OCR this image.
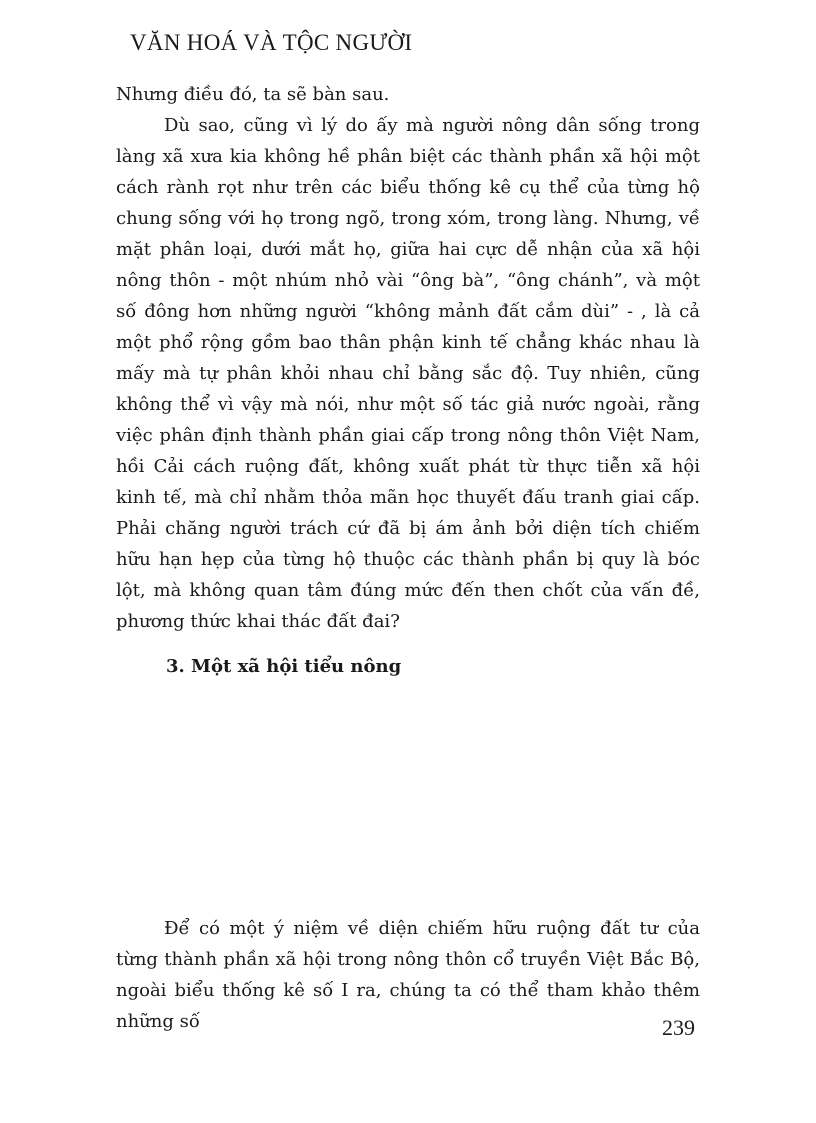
VĂN HOÁ VÀ TỘC NGƯỜI

Nhưng điều đó, ta sẽ bàn sau.

Dù sao, cũng vì lý do ấy mà người nông dân sống trong làng xã xưa kia không hề phân biệt các thành phần xã hội một cách rành rọt như trên các biểu thống kê cụ thể của từng hộ chung sống với họ trong ngõ, trong xóm, trong làng. Nhưng, về mặt phân loại, dưới mắt họ, giữa hai cực dễ nhận của xã hội nông thôn - một nhúm nhỏ vài “ông bà”, “ông chánh”, và một số đông hơn những người “không mảnh đất cắm dùi” - , là cả một phổ rộng gồm bao thân phận kinh tế chẳng khác nhau là mấy mà tự phân khỏi nhau chỉ bằng sắc độ. Tuy nhiên, cũng không thể vì vậy mà nói, như một số tác giả nước ngoài, rằng việc phân định thành phần giai cấp trong nông thôn Việt Nam, hồi Cải cách ruộng đất, không xuất phát từ thực tiễn xã hội kinh tế, mà chỉ nhằm thỏa mãn học thuyết đấu tranh giai cấp. Phải chăng người trách cứ đã bị ám ảnh bởi diện tích chiếm hữu hạn hẹp của từng hộ thuộc các thành phần bị quy là bóc lột, mà không quan tâm đúng mức đến then chốt của vấn đề, phương thức khai thác đất đai?

3. Một xã hội tiểu nông

Để có một ý niệm về diện chiếm hữu ruộng đất tư của từng thành phần xã hội trong nông thôn cổ truyền Việt Bắc Bộ, ngoài biểu thống kê số I ra, chúng ta có thể tham khảo thêm những số	239
